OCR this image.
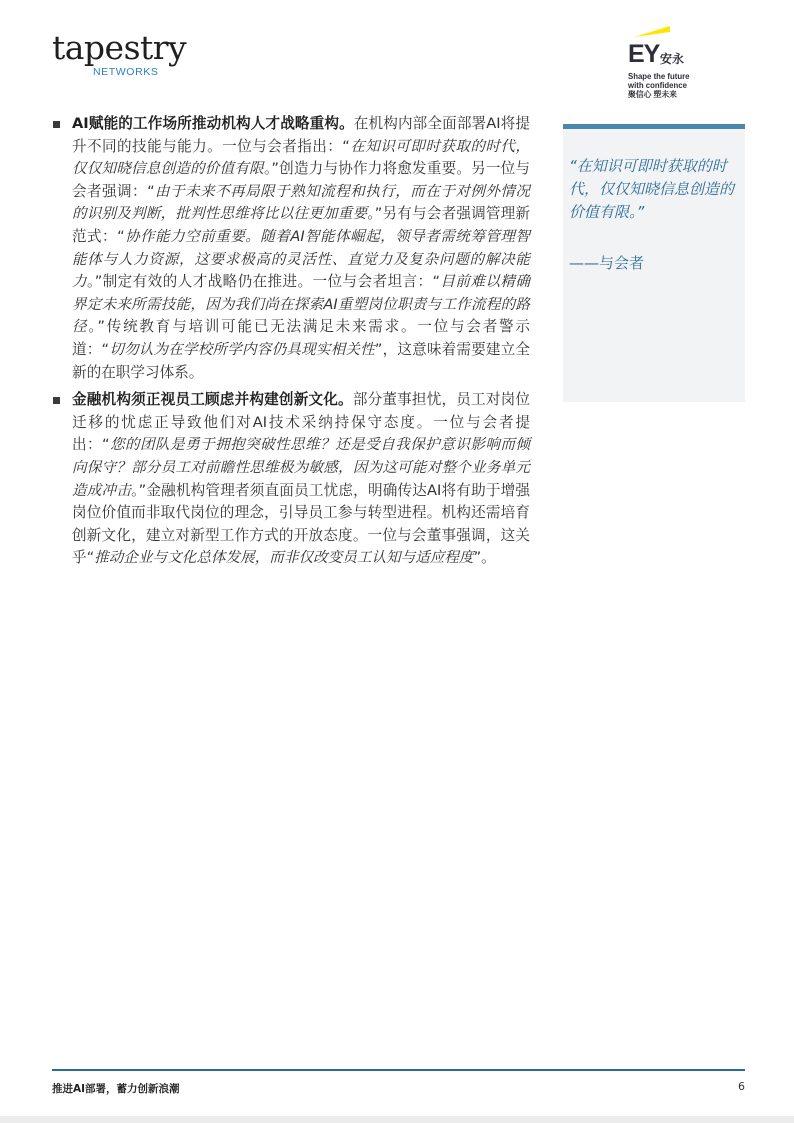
tapestry
NETWORKS
EY 安永
Shape the future
with confidence
聚信心 塑未来
AI赋能的工作场所推动机构人才战略重构。在机构内部全面部署AI将提升不同的技能与能力。一位与会者指出：“在知识可即时获取的时代，仅仅知晓信息创造的价值有限。”创造力与协作力将愈发重要。另一位与会者强调：“由于未来不再局限于熟知流程和执行，而在于对例外情况的识别及判断，批判性思维将比以往更加重要。”另有与会者强调管理新范式：“协作能力空前重要。随着AI智能体崛起，领导者需统筹管理智能体与人力资源，这要求极高的灵活性、直觉力及复杂问题的解决能力。”制定有效的人才战略仍在推进。一位与会者坦言：“目前难以精确界定未来所需技能，因为我们尚在探索AI重塑岗位职责与工作流程的路径。”传统教育与培训可能已无法满足未来需求。一位与会者警示道：“切勿认为在学校所学内容仍具现实相关性”，这意味着需要建立全新的在职学习体系。
金融机构须正视员工顾虑并构建创新文化。部分董事担忧，员工对岗位迁移的忧虑正导致他们对AI技术采纳持保守态度。一位与会者提出：“您的团队是勇于拥抱突破性思维？还是受自我保护意识影响而倾向保守？部分员工对前瞻性思维极为敏感，因为这可能对整个业务单元造成冲击。”金融机构管理者须直面员工忧虑，明确传达AI将有助于增强岗位价值而非取代岗位的理念，引导员工参与转型进程。机构还需培育创新文化，建立对新型工作方式的开放态度。一位与会董事强调，这关乎“推动企业与文化总体发展，而非仅改变员工认知与适应程度”。
“在知识可即时获取的时代，仅仅知晓信息创造的价值有限。”
——与会者
推进AI部署，蓄力创新浪潮	6
